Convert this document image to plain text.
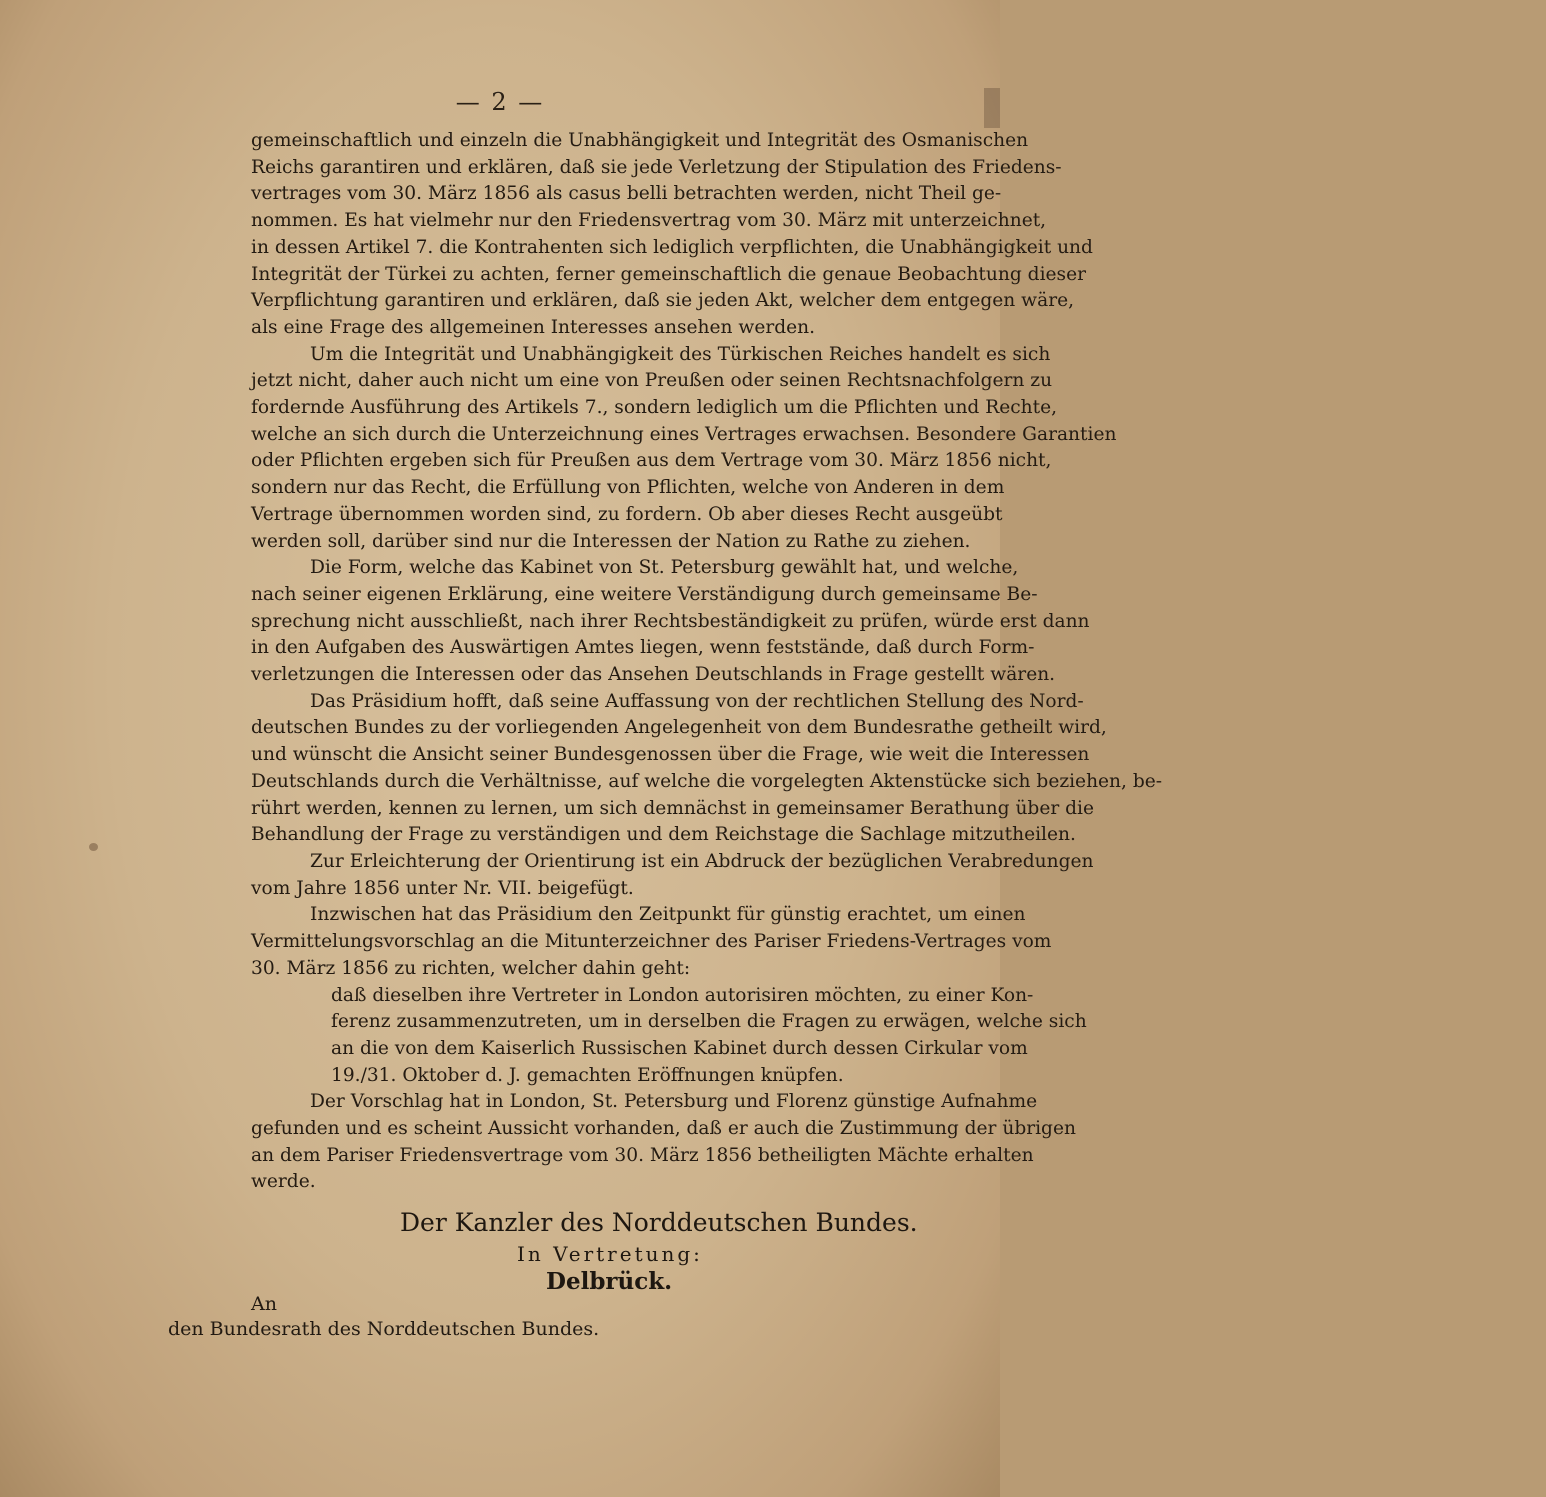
— 2 —
gemeinschaftlich und einzeln die Unabhängigkeit und Integrität des Osmanischen
Reichs garantiren und erklären, daß sie jede Verletzung der Stipulation des Friedens-
vertrages vom 30. März 1856 als casus belli betrachten werden, nicht Theil ge-
nommen. Es hat vielmehr nur den Friedensvertrag vom 30. März mit unterzeichnet,
in dessen Artikel 7. die Kontrahenten sich lediglich verpflichten, die Unabhängigkeit und
Integrität der Türkei zu achten, ferner gemeinschaftlich die genaue Beobachtung dieser
Verpflichtung garantiren und erklären, daß sie jeden Akt, welcher dem entgegen wäre,
als eine Frage des allgemeinen Interesses ansehen werden.
Um die Integrität und Unabhängigkeit des Türkischen Reiches handelt es sich
jetzt nicht, daher auch nicht um eine von Preußen oder seinen Rechtsnachfolgern zu
fordernde Ausführung des Artikels 7., sondern lediglich um die Pflichten und Rechte,
welche an sich durch die Unterzeichnung eines Vertrages erwachsen. Besondere Garantien
oder Pflichten ergeben sich für Preußen aus dem Vertrage vom 30. März 1856 nicht,
sondern nur das Recht, die Erfüllung von Pflichten, welche von Anderen in dem
Vertrage übernommen worden sind, zu fordern. Ob aber dieses Recht ausgeübt
werden soll, darüber sind nur die Interessen der Nation zu Rathe zu ziehen.
Die Form, welche das Kabinet von St. Petersburg gewählt hat, und welche,
nach seiner eigenen Erklärung, eine weitere Verständigung durch gemeinsame Be-
sprechung nicht ausschließt, nach ihrer Rechtsbeständigkeit zu prüfen, würde erst dann
in den Aufgaben des Auswärtigen Amtes liegen, wenn feststände, daß durch Form-
verletzungen die Interessen oder das Ansehen Deutschlands in Frage gestellt wären.
Das Präsidium hofft, daß seine Auffassung von der rechtlichen Stellung des Nord-
deutschen Bundes zu der vorliegenden Angelegenheit von dem Bundesrathe getheilt wird,
und wünscht die Ansicht seiner Bundesgenossen über die Frage, wie weit die Interessen
Deutschlands durch die Verhältnisse, auf welche die vorgelegten Aktenstücke sich beziehen, be-
rührt werden, kennen zu lernen, um sich demnächst in gemeinsamer Berathung über die
Behandlung der Frage zu verständigen und dem Reichstage die Sachlage mitzutheilen.
Zur Erleichterung der Orientirung ist ein Abdruck der bezüglichen Verabredungen
vom Jahre 1856 unter Nr. VII. beigefügt.
Inzwischen hat das Präsidium den Zeitpunkt für günstig erachtet, um einen
Vermittelungsvorschlag an die Mitunterzeichner des Pariser Friedens-Vertrages vom
30. März 1856 zu richten, welcher dahin geht:
daß dieselben ihre Vertreter in London autorisiren möchten, zu einer Kon-
ferenz zusammenzutreten, um in derselben die Fragen zu erwägen, welche sich
an die von dem Kaiserlich Russischen Kabinet durch dessen Cirkular vom
19./31. Oktober d. J. gemachten Eröffnungen knüpfen.
Der Vorschlag hat in London, St. Petersburg und Florenz günstige Aufnahme
gefunden und es scheint Aussicht vorhanden, daß er auch die Zustimmung der übrigen
an dem Pariser Friedensvertrage vom 30. März 1856 betheiligten Mächte erhalten
werde.
Der Kanzler des Norddeutschen Bundes.
In Vertretung:
Delbrück.
An
den Bundesrath des Norddeutschen Bundes.
